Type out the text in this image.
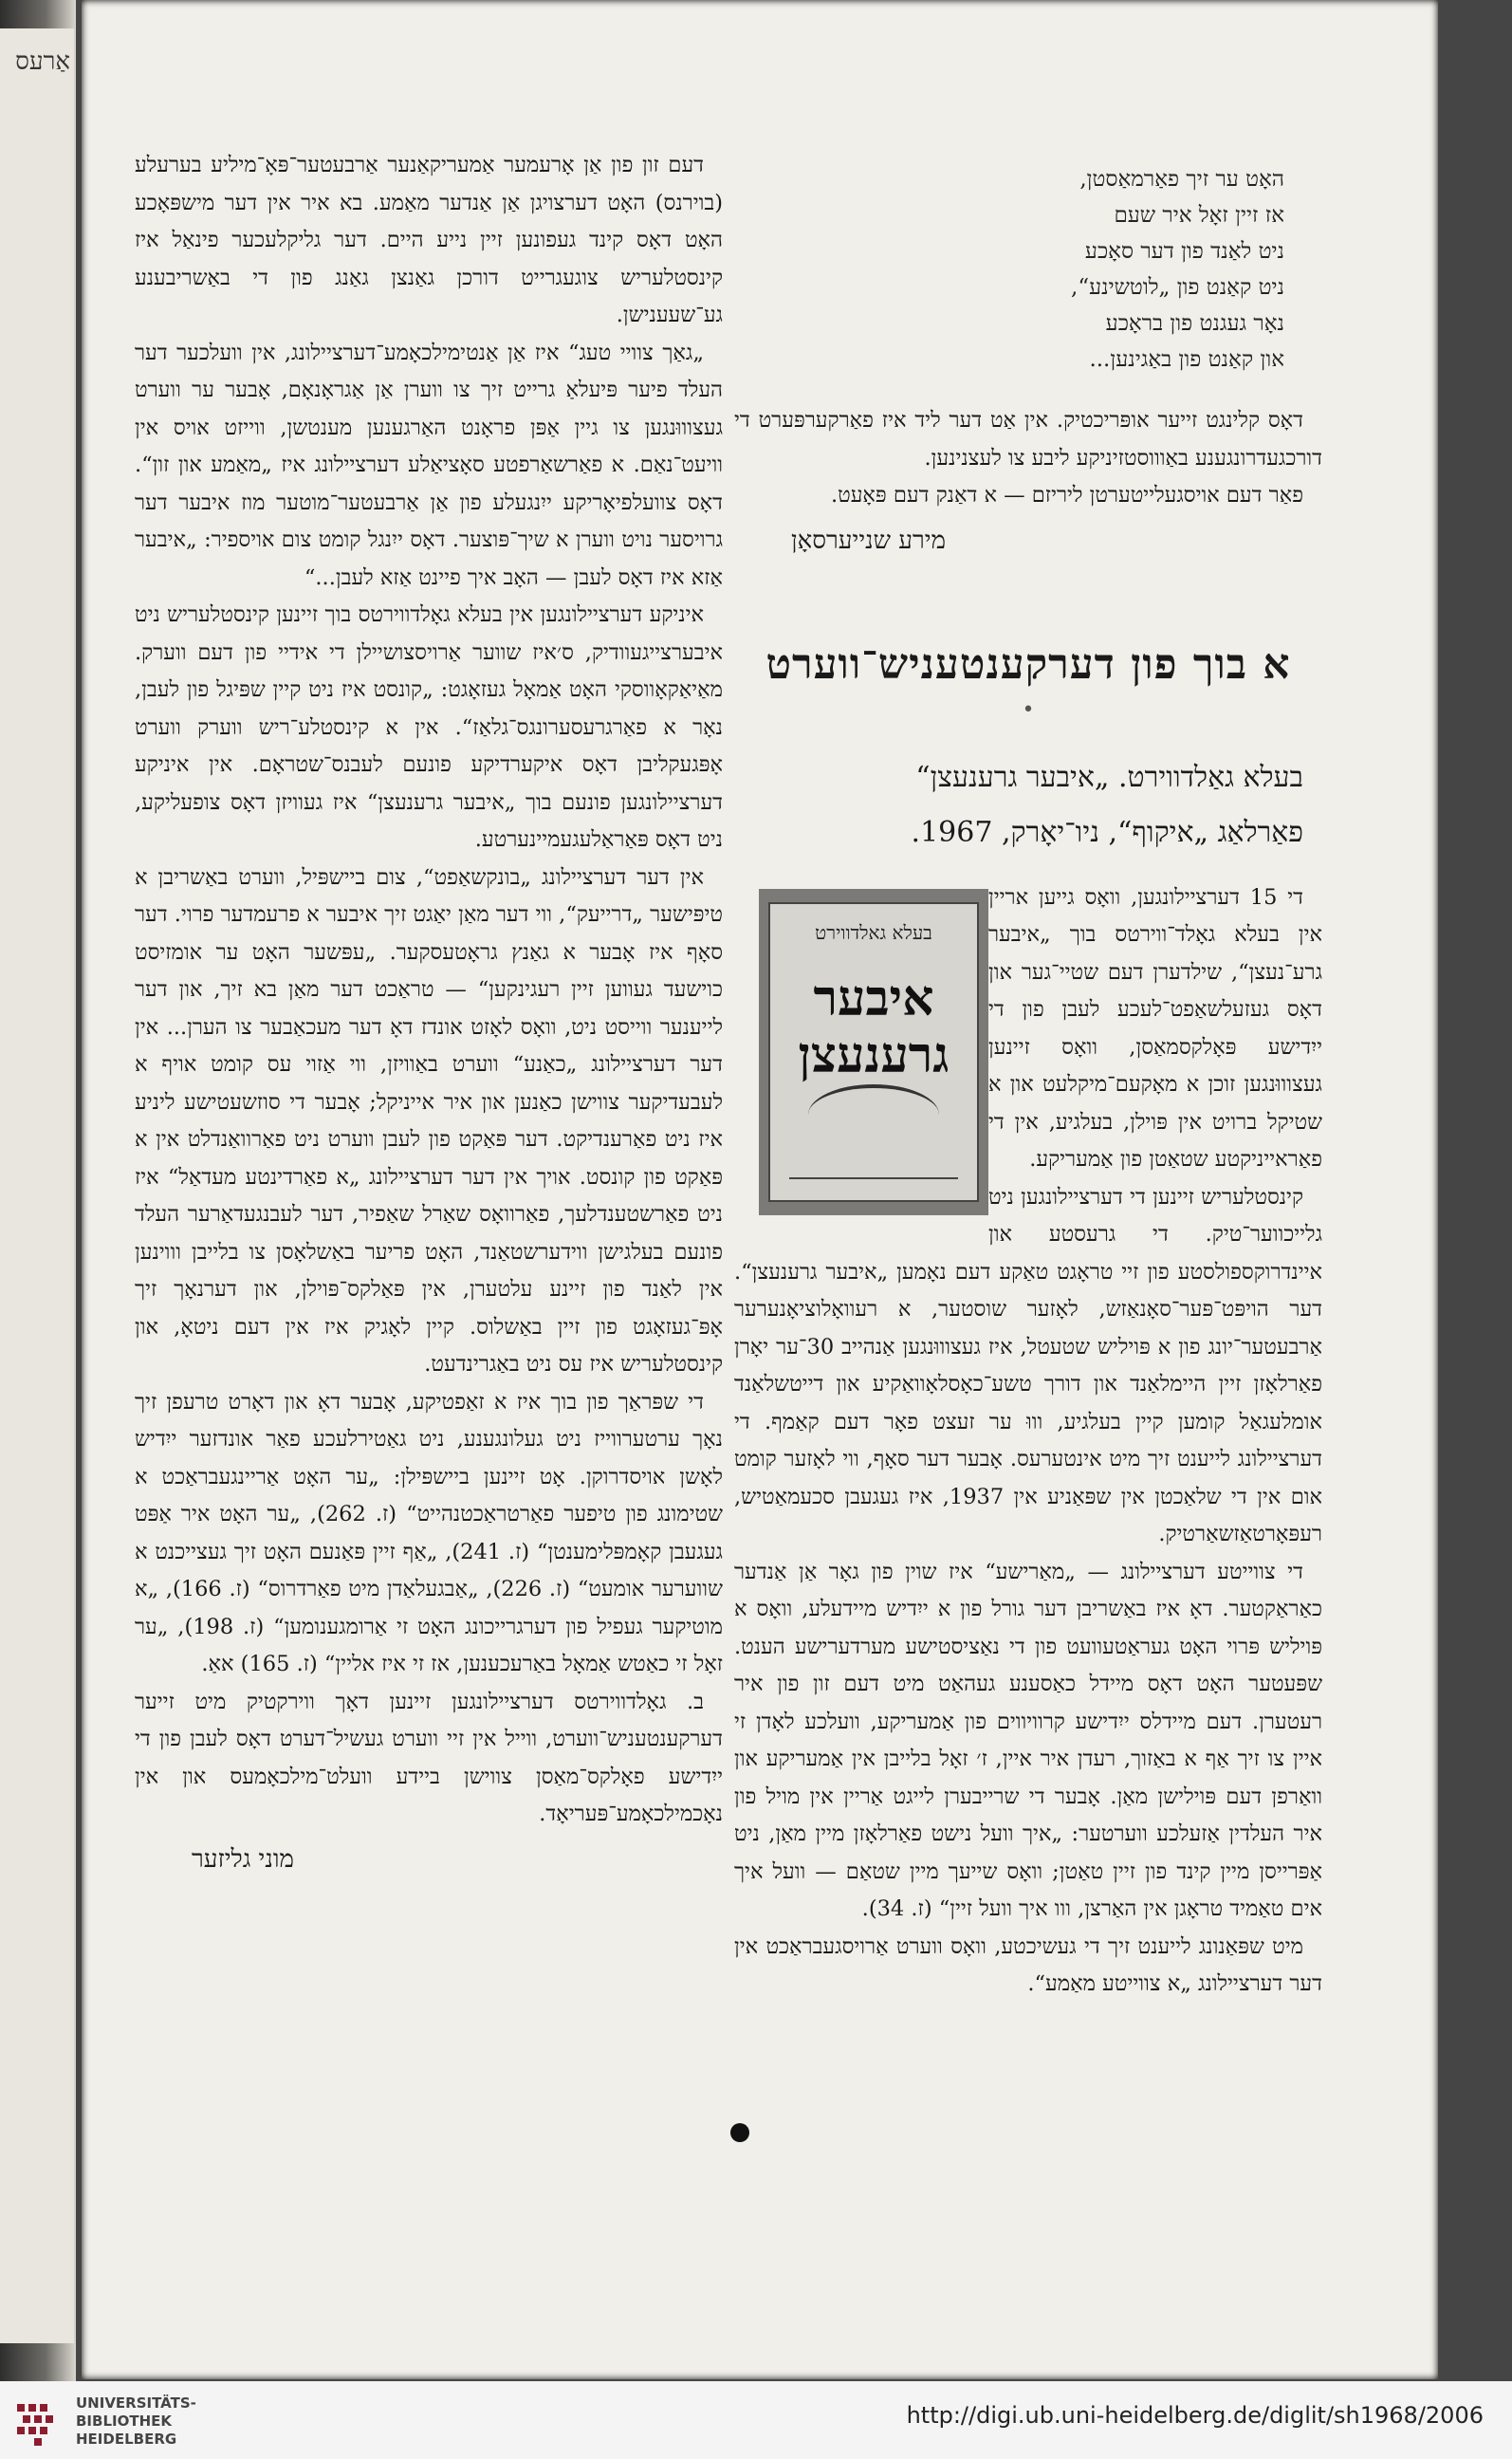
אַרעס
האָט ער זיך פאַרמאַסטן,
אז זיין זאָל איר שעם
ניט לאַנד פון דער סאָכע
ניט קאַנט פון „לוטשינע“,
נאָר געגנט פון בראָכע
און קאַנט פון באַגינען...

דאָס קלינגט זייער אופּריכטיק. אין אַט דער ליד איז פאַרקערפּערט די דורכגעדרונגענע באַוווסטזיניקע ליבע צו לעצנינען.

פאַר דעם אויסגעלייטערטן ליריזם — א דאַנק דעם פּאָעט.

מירע שנייערסאָן
א בוך פון דערקענטעניש־ווערט
•
בעלא גאַלדווירט. „איבער גרענעצן“
פאַרלאַג „איקוף“, ניו־יאָרק, 1967.
בעלא גאלדווירט
איבער גרענעצן

די 15 דערציילונגען, וואָס גייען אריין אין בעלא גאָלד־ווירטס בוך „איבער גרע־נעצן“, שילדערן דעם שטיי־גער און דאָס געזעלשאַפט־לעכע לעבן פון די ייִדישע פּאָלקסמאַסן, וואָס זיינען געצוווּנגען זוכן א מאָקעם־מיקלעט און א שטיקל ברויט אין פּוילן, בעלגיע, אין די פאַראייניקטע שטאַטן פון אַמעריקע.

קינסטלעריש זיינען די דערציילונגען ניט גלייכווער־טיק. די גרעסטע און איינדרוקספולסטע פון זיי טראָגט טאַקע דעם נאָמען „איבער גרענעצן“. דער הויפּט־פּער־סאָנאַזש, לאָזער שוסטער, א רעוואָלוציאָנערער אַרבעטער־יונג פון א פּויליש שטעטל, איז געצוווּנגען אַנהייב 30־ער יאָרן פאַרלאָזן זיין היימלאַנד און דורך טשע־כאָסלאָוואַקיע און דייטשלאַנד אומלעגאַל קומען קיין בעלגיע, וווּ ער זעצט פאָר דעם קאַמף. די דערציילונג לייענט זיך מיט אינטערעס. אָבער דער סאָף, ווי לאָזער קומט אום אין די שלאַכטן אין שפּאַניע אין 1937, איז געגעבן סכעמאַטיש, רעפּאָרטאַזשאַרטיק.

די צווייטע דערציילונג — „מאַרישע“ איז שוין פון גאָר אַן אַנדער כאַראַקטער. דאָ איז באַשריבן דער גורל פון א ייִדיש מיידעלע, וואָס א פּויליש פּרוי האָט געראַטעוועט פון די נאַציסטישע מערדערישע הענט. שפּעטער האָט דאָס מיידל כאַסענע געהאַט מיט דעם זון פון איר רעטערן. דעם מיידלס ייִדישע קרוויווים פון אַמעריקע, וועלכע לאָדן זי איין צו זיך אַף א באַזוך, רעדן איר איין, ז׳ זאָל בלייבן אין אַמעריקע און וואַרפן דעם פּוילישן מאַן. אָבער די שרייבערן לייגט אַריין אין מויל פון איר העלדין אַזעלכע ווערטער: „איך וועל נישט פאַרלאָזן מיין מאַן, ניט אַפּרייסן מיין קינד פון זיין טאַטן; וואָס שייעך מיין שטאַם — וועל איך אים טאַמיד טראָגן אין האַרצן, ווו איך וועל זיין“ (ז. 34).

מיט שפּאַנונג לייענט זיך די געשיכטע, וואָס ווערט אַרויסגעבראַכט אין דער דערציילונג „א צווייטע מאַמע“.

דעם זון פון אַן אָרעמער אַמעריקאַנער אַרבעטער־פּאָ־מיליע בערעלע (בוירנס) האָט דערצויגן אַן אַנדער מאַמע. בא איר אין דער מישפּאָכע האָט דאָס קינד געפונען זיין נייע היים. דער גליקלעכער פינאַל איז קינסטלעריש צוגעגרייט דורכן גאַנצן גאַנג פון די באַשריבענע גע־שעענישן.

„גאַך צוויי טעג“ איז אַן אַנטימילכאָמע־דערציילונג, אין וועלכער דער העלד פיער פּיעלאַ גרייט זיך צו ווערן אַן אַגראָנאָם, אָבער ער ווערט געצוווּנגען צו גיין אַפּן פראָנט האַרגענען מענטשן, ווייזט אויס אין וויעט־נאַם. א פאַרשאַרפטע סאָציאַלע דערציילונג איז „מאַמע און זון“. דאָס צוועלפיאָריקע ייִנגעלע פון אַן אַרבעטער־מוטער מוז איבער דער גרויסער נויט ווערן א שיך־פּוצער. דאָס ייִנגל קומט צום אויספיר: „איבער אַזא איז דאָס לעבן — האָב איך פיינט אַזא לעבן...“

איניקע דערציילונגען אין בעלא גאָלדווירטס בוך זיינען קינסטלעריש ניט איבערצייגעוודיק, ס׳איז שווער אַרויסצושיילן די אידיי פון דעם ווערק. מאַיאַקאָווסקי האָט אַמאָל געזאָגט: „קונסט איז ניט קיין שפּיגל פון לעבן, נאָר א פאַרגרעסערונגס־גלאַז“. אין א קינסטלע־ריש ווערק ווערט אָפּגעקליבן דאָס איקערדיקע פונעם לעבנס־שטראָם. אין איניקע דערציילונגען פונעם בוך „איבער גרענעצן“ איז געוויזן דאָס צופעליקע, ניט דאָס פּאַראַלעגעמיינערטע.

אין דער דערציילונג „בונקשאַפט“, צום ביישפּיל, ווערט באַשריבן א טיפּישער „דרייעק“, ווי דער מאַן יאַגט זיך איבער א פרעמדער פרוי. דער סאָף איז אָבער א גאַנץ גראָטעסקער. „עפּשער האָט ער אומזיסט כוישעד געווען זיין רעגינקען“ — טראַכט דער מאַן בא זיך, און דער לייענער ווייסט ניט, וואָס לאָזט אונדז דאָ דער מעכאַבער צו הערן... אין דער דערציילונג „כאַנע“ ווערט באַוויזן, ווי אַזוי עס קומט אויף א לעבעדיקער צווישן כאַנען און איר אייניקל; אָבער די סוזשעטישע ליניע איז ניט פאַרענדיקט. דער פּאַקט פון לעבן ווערט ניט פאַרוואַנדלט אין א פּאַקט פון קונסט. אויך אין דער דערציילונג „א פאַרדינטע מעדאַל“ איז ניט פאַרשטענדלעך, פאַרוואָס שאַרל שאַפיר, דער לעבנגעדאַרער העלד פונעם בעלגישן ווידערשטאַנד, האָט פריער באַשלאָסן צו בלייבן וווינען אין לאַנד פון זיינע עלטערן, אין פּאַלקס־פּוילן, און דערנאָך זיך אָפּ־געזאָגט פון זיין באַשלוס. קיין לאָגיק איז אין דעם ניטאָ, און קינסטלעריש איז עס ניט באַגרינדעט.

די שפּראַך פון בוך איז א זאַפטיקע, אָבער דאָ און דאָרט טרעפן זיך נאָך ערטערווייז ניט געלונגענע, ניט גאַטירלעכע פאַר אונדזער ייִדיש לאָשן אויסדרוקן. אָט זיינען ביישפּילן: „ער האָט אַריינגעבראַכט א שטימונג פון טיפער פאַרטראַכטנהייט“ (ז. 262), „ער האָט איר אַפּט געגעבן קאָמפּלימענטן“ (ז. 241), „אַף זיין פּאַנעם האָט זיך געצייכנט א שווערער אומעט“ (ז. 226), „אַבגעלאַדן מיט פאַרדרוס“ (ז. 166), „א מוטיקער געפיל פון דערגרייכונג האָט זי אַרומגענומען“ (ז. 198), „ער זאָל זי כאַטש אַמאָל באַרעכענען, אז זי איז אליין“ (ז. 165) אאַ.

ב. גאָלדווירטס דערציילונגען זיינען דאָך ווירקטיק מיט זייער דערקענטעניש־ווערט, ווייל אין זיי ווערט געשיל־דערט דאָס לעבן פון די ייִדישע פאָלקס־מאַסן צווישן ביידע וועלט־מילכאָמעס און אין נאָכמילכאָמע־פּעריאָד.

מוני גליזער
UNIVERSITÄTS-
BIBLIOTHEK
HEIDELBERG
http://digi.ub.uni-heidelberg.de/diglit/sh1968/2006
